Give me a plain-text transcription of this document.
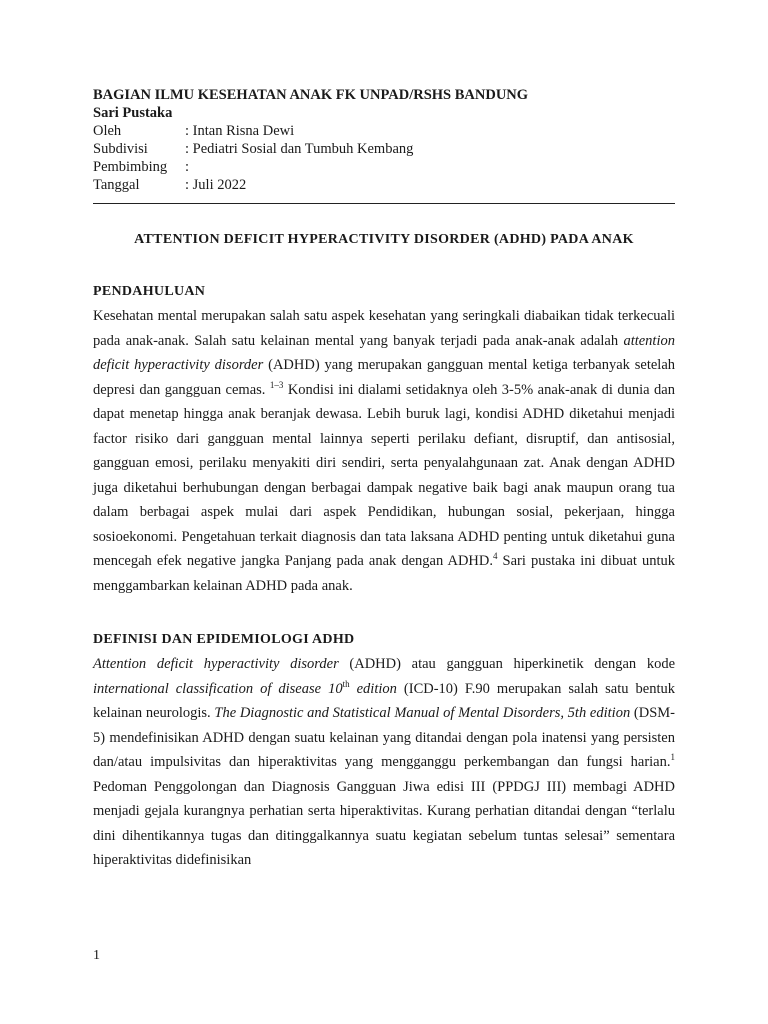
BAGIAN ILMU KESEHATAN ANAK FK UNPAD/RSHS BANDUNG

Sari Pustaka

Oleh	: Intan Risna Dewi
Subdivisi	: Pediatri Sosial dan Tumbuh Kembang
Pembimbing	:
Tanggal	: Juli 2022

ATTENTION DEFICIT HYPERACTIVITY DISORDER (ADHD) PADA ANAK

PENDAHULUAN

Kesehatan mental merupakan salah satu aspek kesehatan yang seringkali diabaikan tidak terkecuali pada anak-anak. Salah satu kelainan mental yang banyak terjadi pada anak-anak adalah attention deficit hyperactivity disorder (ADHD) yang merupakan gangguan mental ketiga terbanyak setelah depresi dan gangguan cemas. $^{1-3}$ Kondisi ini dialami setidaknya oleh 3-5% anak-anak di dunia dan dapat menetap hingga anak beranjak dewasa. Lebih buruk lagi, kondisi ADHD diketahui menjadi factor risiko dari gangguan mental lainnya seperti perilaku defiant, disruptif, dan antisosial, gangguan emosi, perilaku menyakiti diri sendiri, serta penyalahgunaan zat. Anak dengan ADHD juga diketahui berhubungan dengan berbagai dampak negative baik bagi anak maupun orang tua dalam berbagai aspek mulai dari aspek Pendidikan, hubungan sosial, pekerjaan, hingga sosioekonomi. Pengetahuan terkait diagnosis dan tata laksana ADHD penting untuk diketahui guna mencegah efek negative jangka Panjang pada anak dengan ADHD.$^4$ Sari pustaka ini dibuat untuk menggambarkan kelainan ADHD pada anak.

DEFINISI DAN EPIDEMIOLOGI ADHD

Attention deficit hyperactivity disorder (ADHD) atau gangguan hiperkinetik dengan kode international classification of disease 10th edition (ICD-10) F.90 merupakan salah satu bentuk kelainan neurologis. The Diagnostic and Statistical Manual of Mental Disorders, 5th edition (DSM-5) mendefinisikan ADHD dengan suatu kelainan yang ditandai dengan pola inatensi yang persisten dan/atau impulsivitas dan hiperaktivitas yang mengganggu perkembangan dan fungsi harian.$^1$ Pedoman Penggolongan dan Diagnosis Gangguan Jiwa edisi III (PPDGJ III) membagi ADHD menjadi gejala kurangnya perhatian serta hiperaktivitas. Kurang perhatian ditandai dengan “terlalu dini dihentikannya tugas dan ditinggalkannya suatu kegiatan sebelum tuntas selesai” sementara hiperaktivitas didefinisikan

1
